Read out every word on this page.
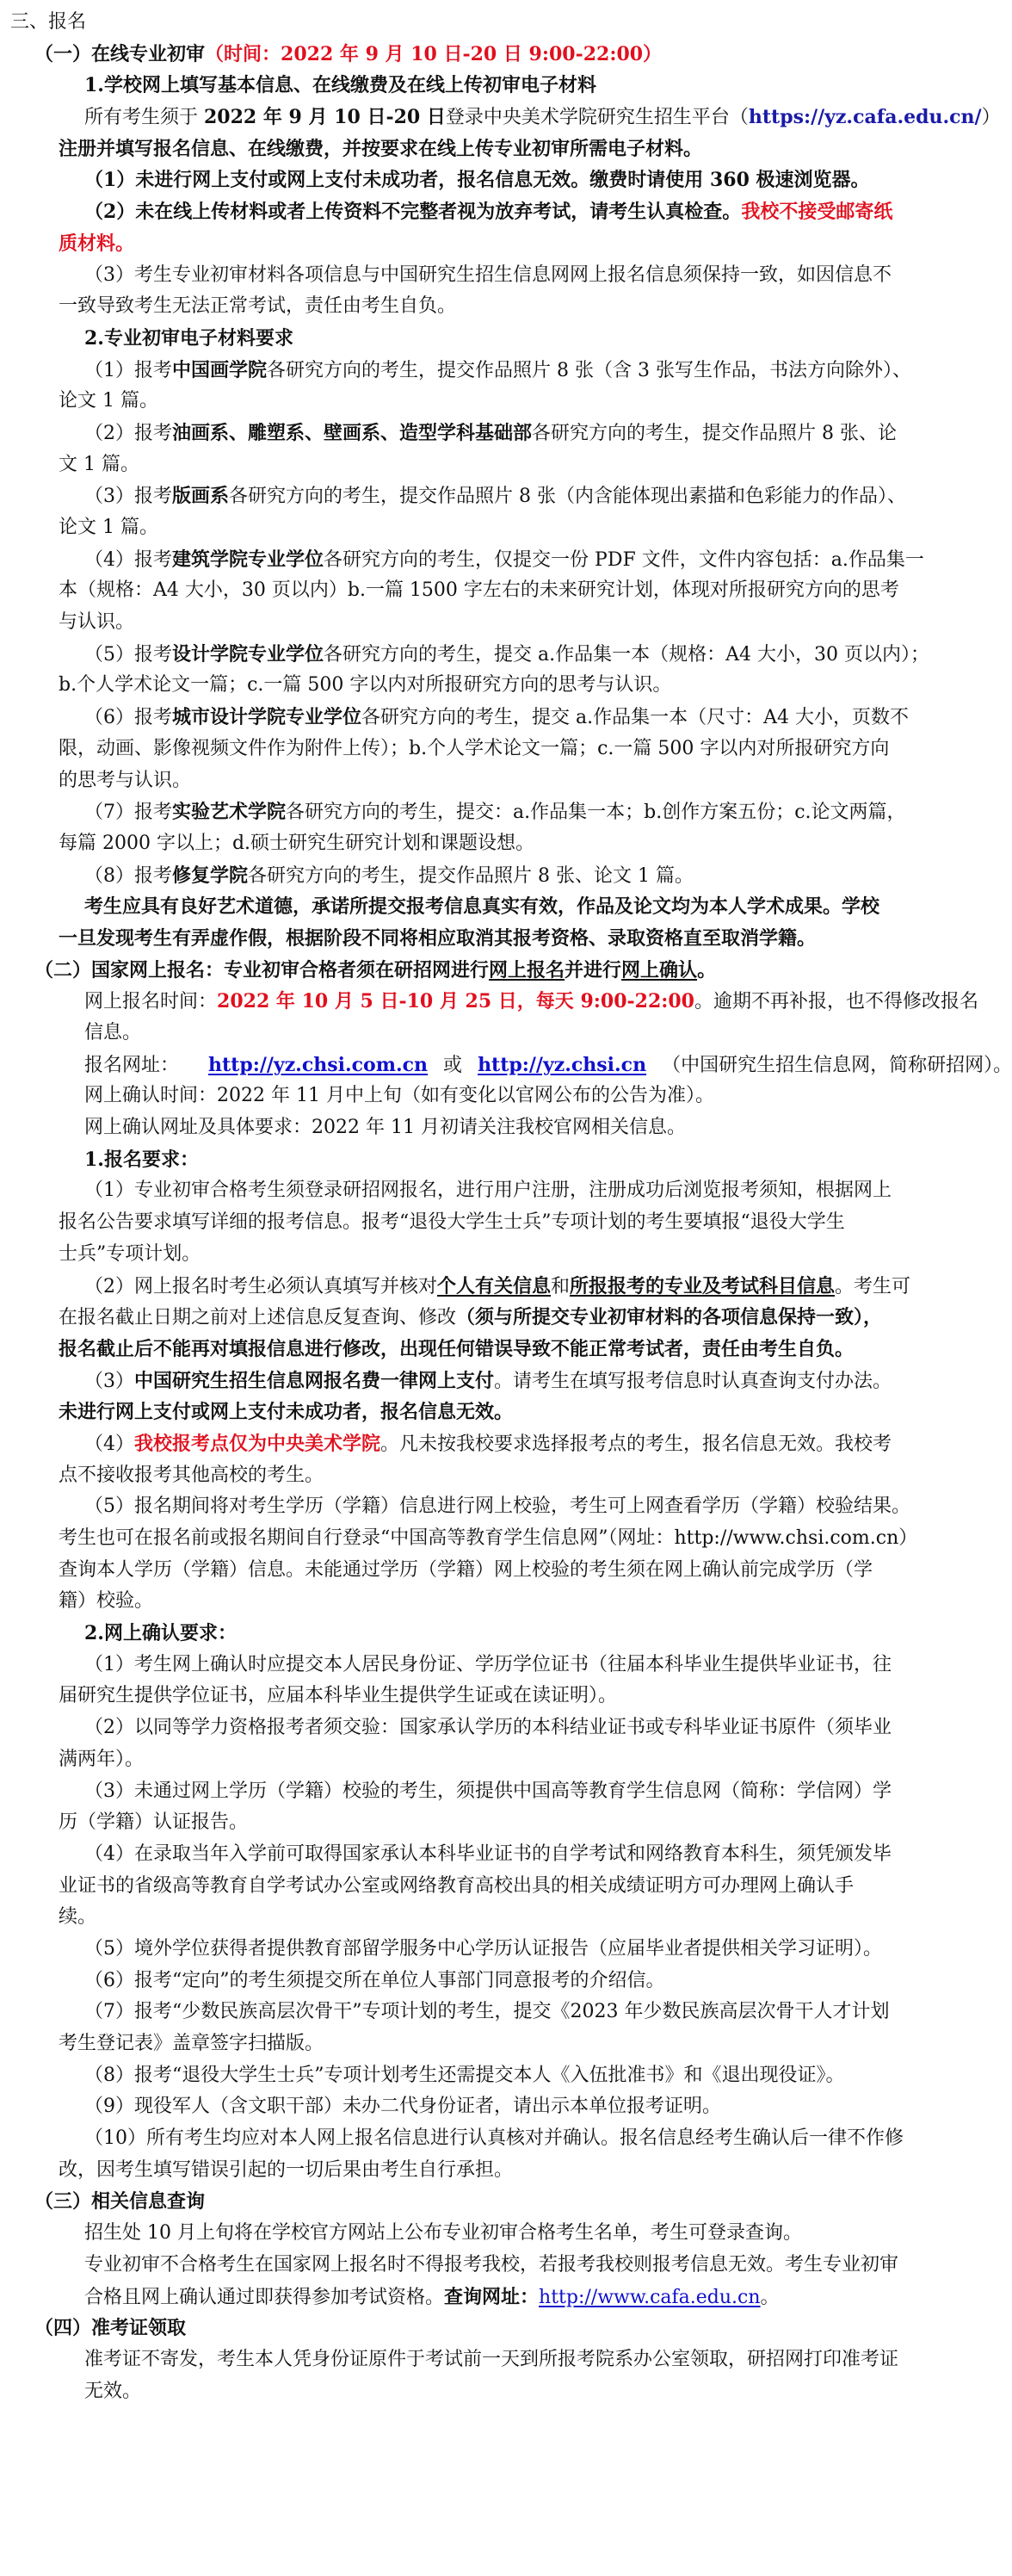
三、报名
（一）在线专业初审（时间：2022 年 9 月 10 日-20 日 9:00-22:00）
1.学校网上填写基本信息、在线缴费及在线上传初审电子材料
所有考生须于 2022 年 9 月 10 日-20 日登录中央美术学院研究生招生平台（https://yz.cafa.edu.cn/）
注册并填写报名信息、在线缴费，并按要求在线上传专业初审所需电子材料。
（1）未进行网上支付或网上支付未成功者，报名信息无效。缴费时请使用 360 极速浏览器。
（2）未在线上传材料或者上传资料不完整者视为放弃考试，请考生认真检查。我校不接受邮寄纸
质材料。
（3）考生专业初审材料各项信息与中国研究生招生信息网网上报名信息须保持一致，如因信息不
一致导致考生无法正常考试，责任由考生自负。
2.专业初审电子材料要求
（1）报考中国画学院各研究方向的考生，提交作品照片 8 张（含 3 张写生作品，书法方向除外）、
论文 1 篇。
（2）报考油画系、雕塑系、壁画系、造型学科基础部各研究方向的考生，提交作品照片 8 张、论
文 1 篇。
（3）报考版画系各研究方向的考生，提交作品照片 8 张（内含能体现出素描和色彩能力的作品）、
论文 1 篇。
（4）报考建筑学院专业学位各研究方向的考生，仅提交一份 PDF 文件，文件内容包括：a.作品集一
本（规格：A4 大小，30 页以内）b.一篇 1500 字左右的未来研究计划，体现对所报研究方向的思考
与认识。
（5）报考设计学院专业学位各研究方向的考生，提交 a.作品集一本（规格：A4 大小，30 页以内）；
b.个人学术论文一篇；c.一篇 500 字以内对所报研究方向的思考与认识。
（6）报考城市设计学院专业学位各研究方向的考生，提交 a.作品集一本（尺寸：A4 大小，页数不
限，动画、影像视频文件作为附件上传）；b.个人学术论文一篇；c.一篇 500 字以内对所报研究方向
的思考与认识。
（7）报考实验艺术学院各研究方向的考生，提交：a.作品集一本；b.创作方案五份；c.论文两篇，
每篇 2000 字以上；d.硕士研究生研究计划和课题设想。
（8）报考修复学院各研究方向的考生，提交作品照片 8 张、论文 1 篇。
考生应具有良好艺术道德，承诺所提交报考信息真实有效，作品及论文均为本人学术成果。学校
一旦发现考生有弄虚作假，根据阶段不同将相应取消其报考资格、录取资格直至取消学籍。
（二）国家网上报名：专业初审合格者须在研招网进行网上报名并进行网上确认。
网上报名时间：2022 年 10 月 5 日-10 月 25 日，每天 9:00-22:00。逾期不再补报，也不得修改报名
信息。
报名网址： http://yz.chsi.com.cn 或 http://yz.chsi.cn （中国研究生招生信息网，简称研招网）。
网上确认时间：2022 年 11 月中上旬（如有变化以官网公布的公告为准）。
网上确认网址及具体要求：2022 年 11 月初请关注我校官网相关信息。
1.报名要求：
（1）专业初审合格考生须登录研招网报名，进行用户注册，注册成功后浏览报考须知，根据网上
报名公告要求填写详细的报考信息。报考“退役大学生士兵”专项计划的考生要填报“退役大学生
士兵”专项计划。
（2）网上报名时考生必须认真填写并核对个人有关信息和所报报考的专业及考试科目信息。考生可
在报名截止日期之前对上述信息反复查询、修改（须与所提交专业初审材料的各项信息保持一致），
报名截止后不能再对填报信息进行修改，出现任何错误导致不能正常考试者，责任由考生自负。
（3）中国研究生招生信息网报名费一律网上支付。请考生在填写报考信息时认真查询支付办法。
未进行网上支付或网上支付未成功者，报名信息无效。
（4）我校报考点仅为中央美术学院。凡未按我校要求选择报考点的考生，报名信息无效。我校考
点不接收报考其他高校的考生。
（5）报名期间将对考生学历（学籍）信息进行网上校验，考生可上网查看学历（学籍）校验结果。
考生也可在报名前或报名期间自行登录“中国高等教育学生信息网”（网址：http://www.chsi.com.cn）
查询本人学历（学籍）信息。未能通过学历（学籍）网上校验的考生须在网上确认前完成学历（学
籍）校验。
2.网上确认要求：
（1）考生网上确认时应提交本人居民身份证、学历学位证书（往届本科毕业生提供毕业证书，往
届研究生提供学位证书，应届本科毕业生提供学生证或在读证明）。
（2）以同等学力资格报考者须交验：国家承认学历的本科结业证书或专科毕业证书原件（须毕业
满两年）。
（3）未通过网上学历（学籍）校验的考生，须提供中国高等教育学生信息网（简称：学信网）学
历（学籍）认证报告。
（4）在录取当年入学前可取得国家承认本科毕业证书的自学考试和网络教育本科生，须凭颁发毕
业证书的省级高等教育自学考试办公室或网络教育高校出具的相关成绩证明方可办理网上确认手
续。
（5）境外学位获得者提供教育部留学服务中心学历认证报告（应届毕业者提供相关学习证明）。
（6）报考“定向”的考生须提交所在单位人事部门同意报考的介绍信。
（7）报考“少数民族高层次骨干”专项计划的考生，提交《2023 年少数民族高层次骨干人才计划
考生登记表》盖章签字扫描版。
（8）报考“退役大学生士兵”专项计划考生还需提交本人《入伍批准书》和《退出现役证》。
（9）现役军人（含文职干部）未办二代身份证者，请出示本单位报考证明。
（10）所有考生均应对本人网上报名信息进行认真核对并确认。报名信息经考生确认后一律不作修
改，因考生填写错误引起的一切后果由考生自行承担。
（三）相关信息查询
招生处 10 月上旬将在学校官方网站上公布专业初审合格考生名单，考生可登录查询。
专业初审不合格考生在国家网上报名时不得报考我校，若报考我校则报考信息无效。考生专业初审
合格且网上确认通过即获得参加考试资格。查询网址：http://www.cafa.edu.cn。
（四）准考证领取
准考证不寄发，考生本人凭身份证原件于考试前一天到所报考院系办公室领取，研招网打印准考证
无效。
